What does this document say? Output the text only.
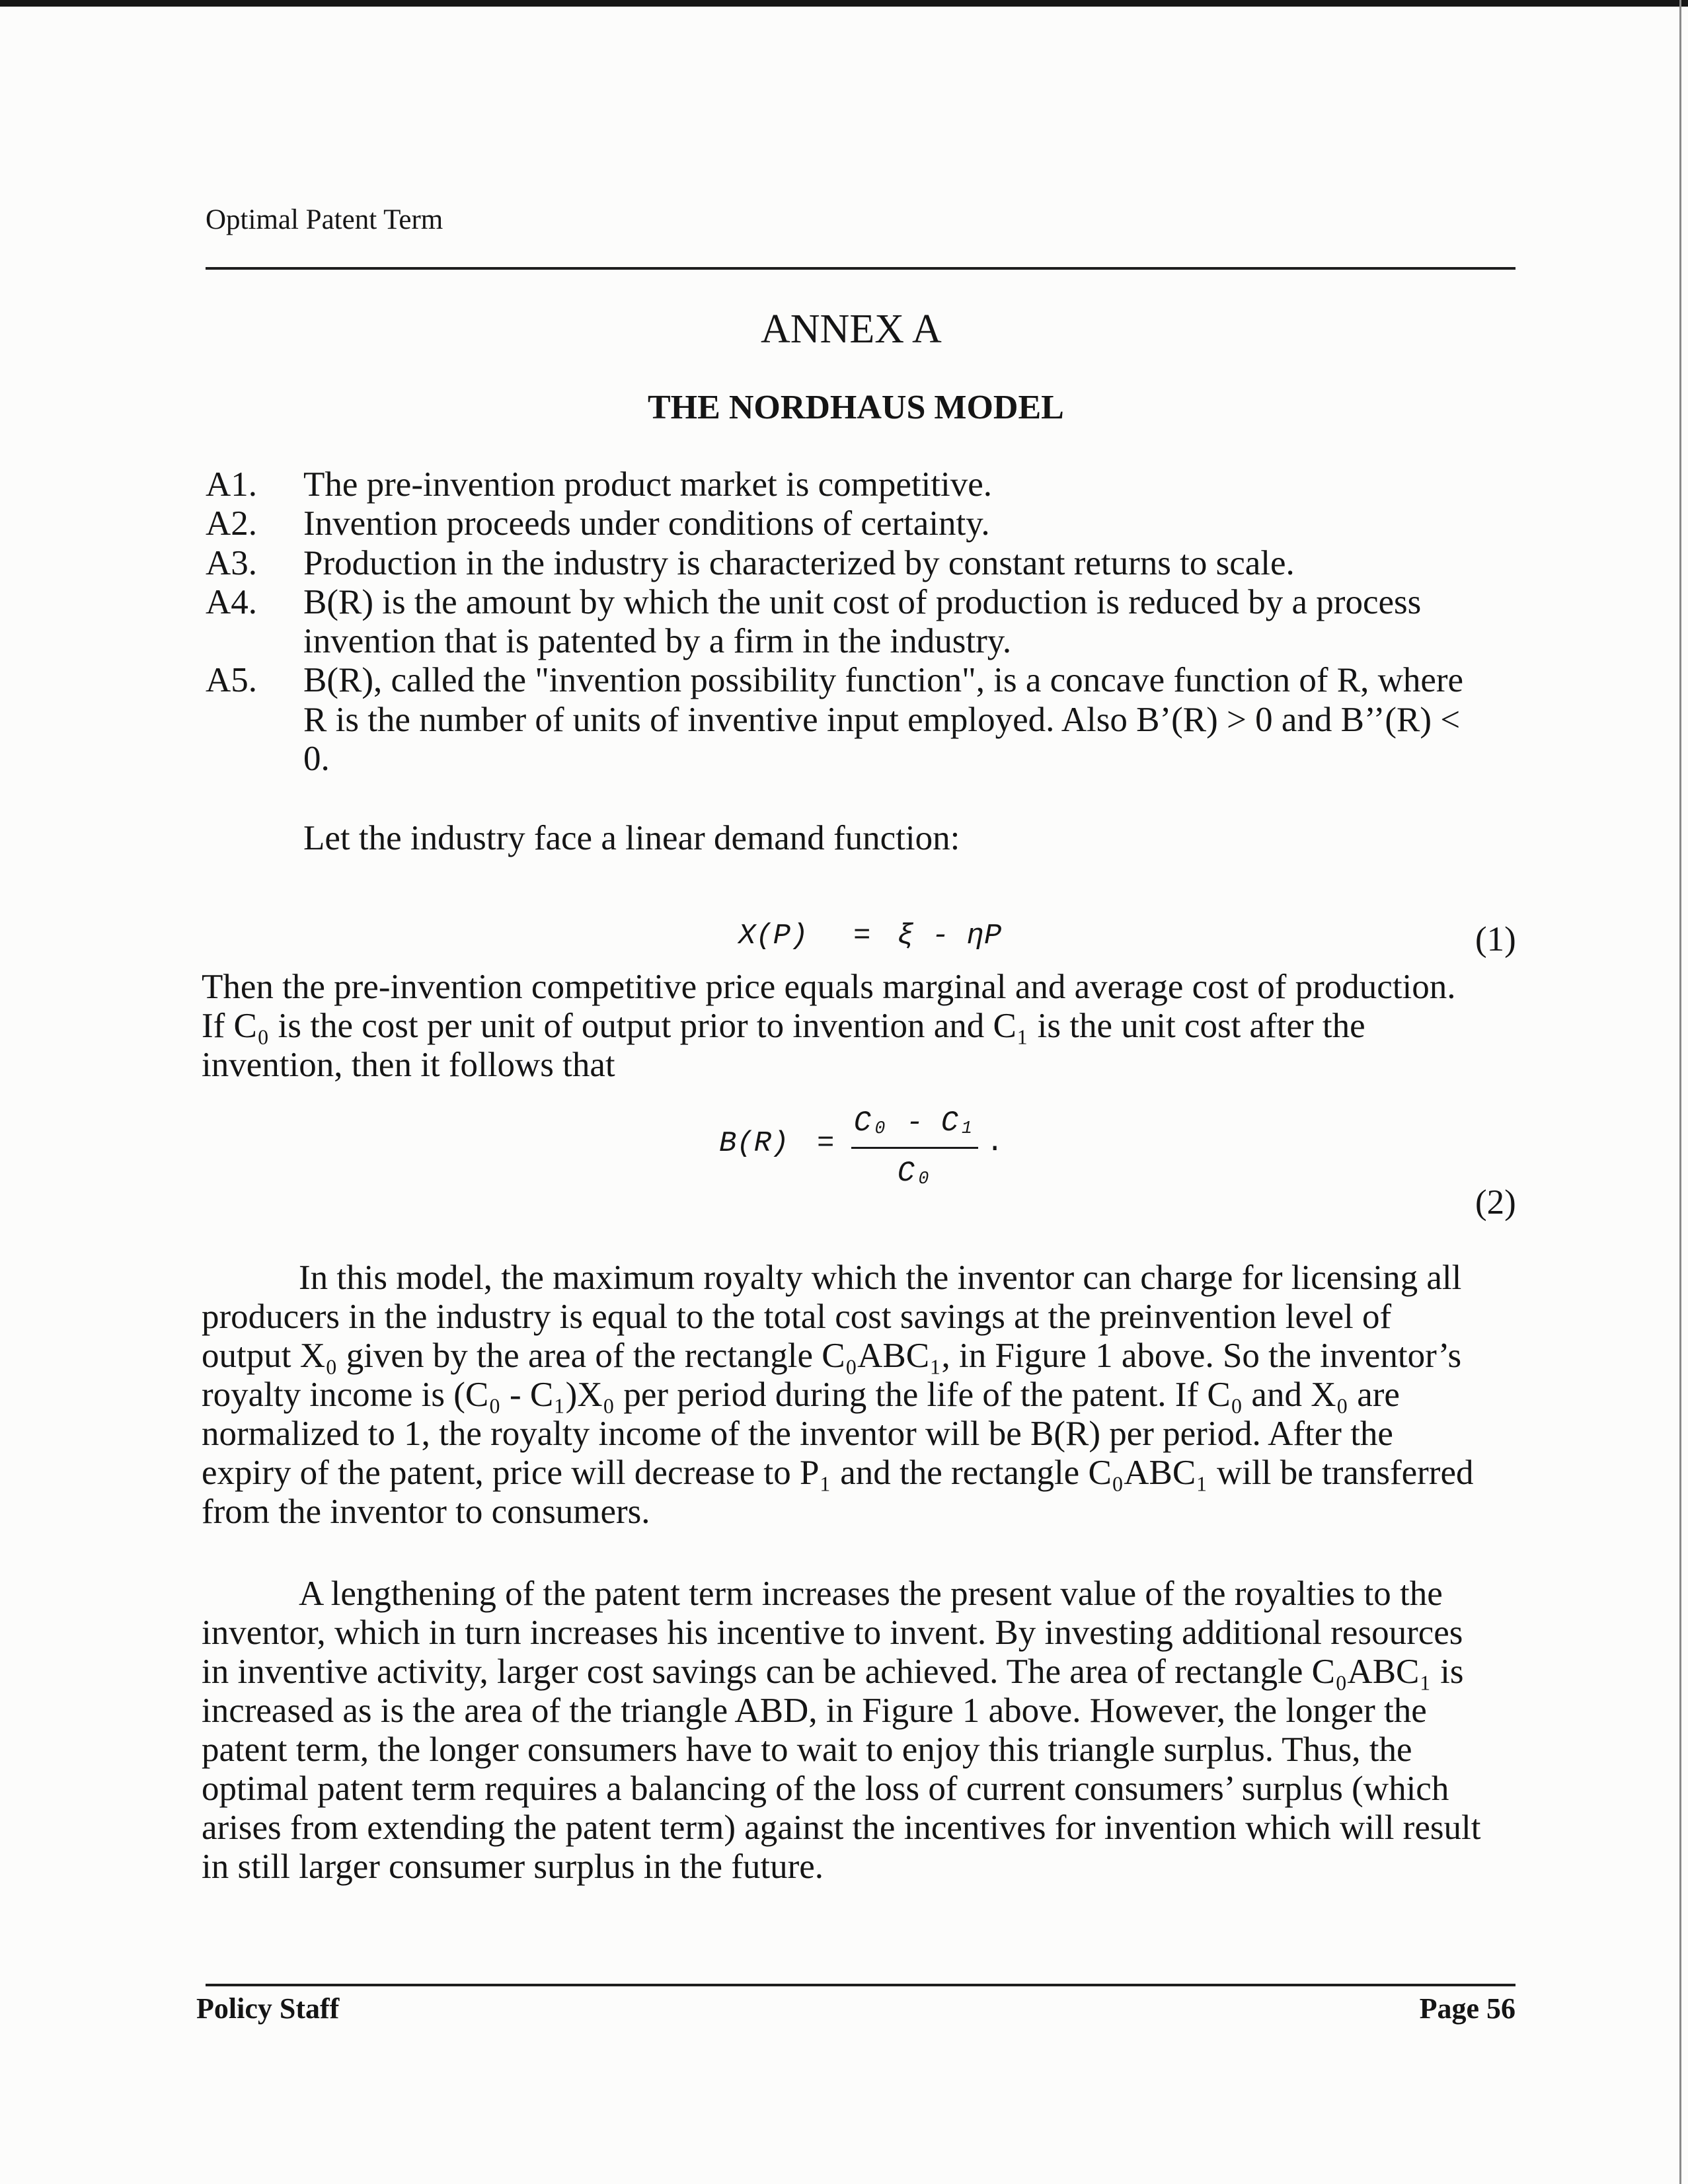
Optimal Patent Term
ANNEX A
THE NORDHAUS MODEL
A1.	The pre-invention product market is competitive.
A2.	Invention proceeds under conditions of certainty.
A3.	Production in the industry is characterized by constant returns to scale.
A4.	B(R) is the amount by which the unit cost of production is reduced by a process
invention that is patented by a firm in the industry.
A5.	B(R), called the "invention possibility function", is a concave function of R, where
R is the number of units of inventive input employed. Also B’(R) > 0 and B’’(R) <
0.
Let the industry face a linear demand function:
X(P) = ξ - ηP	(1)
Then the pre-invention competitive price equals marginal and average cost of production.
If C₀ is the cost per unit of output prior to invention and C₁ is the unit cost after the
invention, then it follows that
B(R) =
C₀ - C₁
C₀
.
(2)
In this model, the maximum royalty which the inventor can charge for licensing all
producers in the industry is equal to the total cost savings at the preinvention level of
output X₀ given by the area of the rectangle C₀ABC₁, in Figure 1 above. So the inventor’s
royalty income is (C₀ - C₁)X₀ per period during the life of the patent. If C₀ and X₀ are
normalized to 1, the royalty income of the inventor will be B(R) per period. After the
expiry of the patent, price will decrease to P₁ and the rectangle C₀ABC₁ will be transferred
from the inventor to consumers.
A lengthening of the patent term increases the present value of the royalties to the
inventor, which in turn increases his incentive to invent. By investing additional resources
in inventive activity, larger cost savings can be achieved. The area of rectangle C₀ABC₁ is
increased as is the area of the triangle ABD, in Figure 1 above. However, the longer the
patent term, the longer consumers have to wait to enjoy this triangle surplus. Thus, the
optimal patent term requires a balancing of the loss of current consumers’ surplus (which
arises from extending the patent term) against the incentives for invention which will result
in still larger consumer surplus in the future.
Policy Staff	Page 56
